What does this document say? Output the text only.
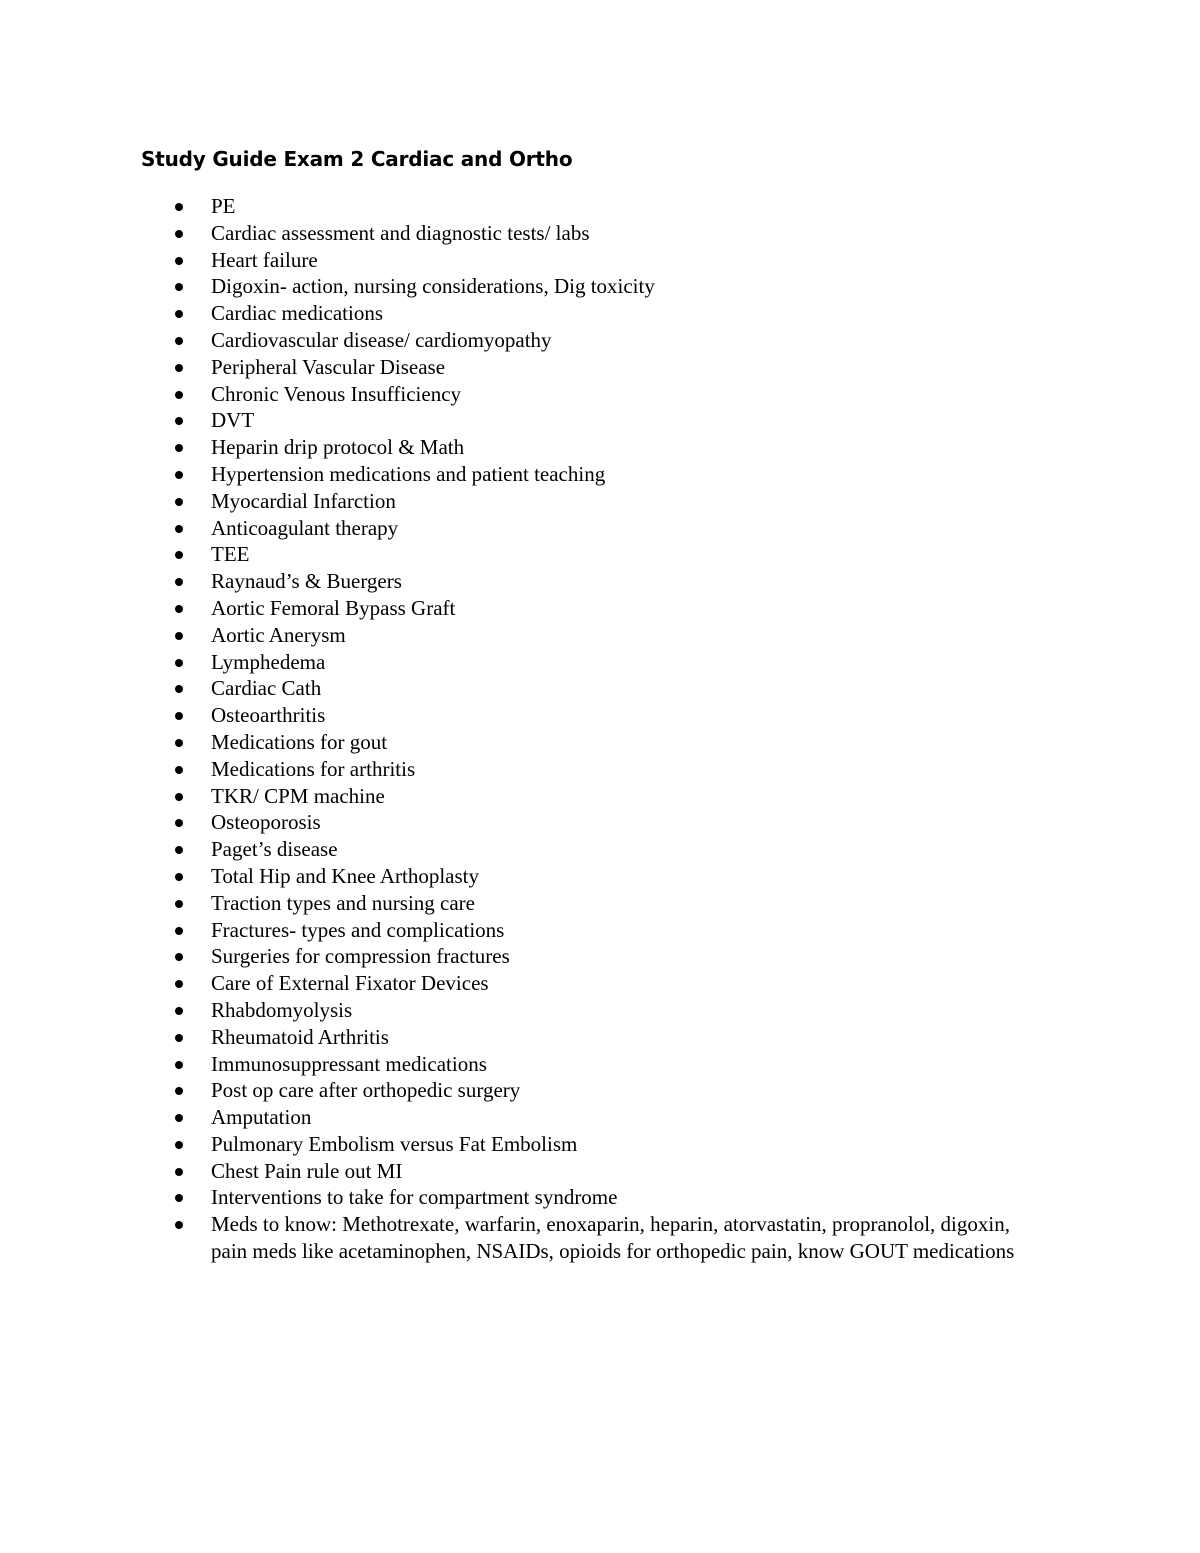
Study Guide Exam 2 Cardiac and Ortho
PE
Cardiac assessment and diagnostic tests/ labs
Heart failure
Digoxin- action, nursing considerations, Dig toxicity
Cardiac medications
Cardiovascular disease/ cardiomyopathy
Peripheral Vascular Disease
Chronic Venous Insufficiency
DVT
Heparin drip protocol & Math
Hypertension medications and patient teaching
Myocardial Infarction
Anticoagulant therapy
TEE
Raynaud’s & Buergers
Aortic Femoral Bypass Graft
Aortic Anerysm
Lymphedema
Cardiac Cath
Osteoarthritis
Medications for gout
Medications for arthritis
TKR/ CPM machine
Osteoporosis
Paget’s disease
Total Hip and Knee Arthoplasty
Traction types and nursing care
Fractures- types and complications
Surgeries for compression fractures
Care of External Fixator Devices
Rhabdomyolysis
Rheumatoid Arthritis
Immunosuppressant medications
Post op care after orthopedic surgery
Amputation
Pulmonary Embolism versus Fat Embolism
Chest Pain rule out MI
Interventions to take for compartment syndrome
Meds to know: Methotrexate, warfarin, enoxaparin, heparin, atorvastatin, propranolol, digoxin, pain meds like acetaminophen, NSAIDs, opioids for orthopedic pain, know GOUT medications
